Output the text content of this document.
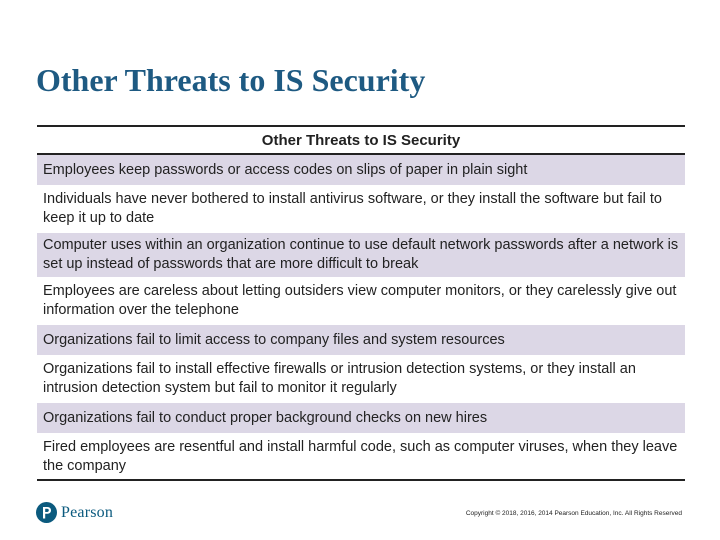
Other Threats to IS Security
Other Threats to IS Security
Employees keep passwords or access codes on slips of paper in plain sight
Individuals have never bothered to install antivirus software, or they install the software but fail to keep it up to date
Computer uses within an organization continue to use default network passwords after a network is set up instead of passwords that are more difficult to break
Employees are careless about letting outsiders view computer monitors, or they carelessly give out information over the telephone
Organizations fail to limit access to company files and system resources
Organizations fail to install effective firewalls or intrusion detection systems, or they install an intrusion detection system but fail to monitor it regularly
Organizations fail to conduct proper background checks on new hires
Fired employees are resentful and install harmful code, such as computer viruses, when they leave the company
Pearson	Copyright © 2018, 2016, 2014 Pearson Education, Inc. All Rights Reserved
